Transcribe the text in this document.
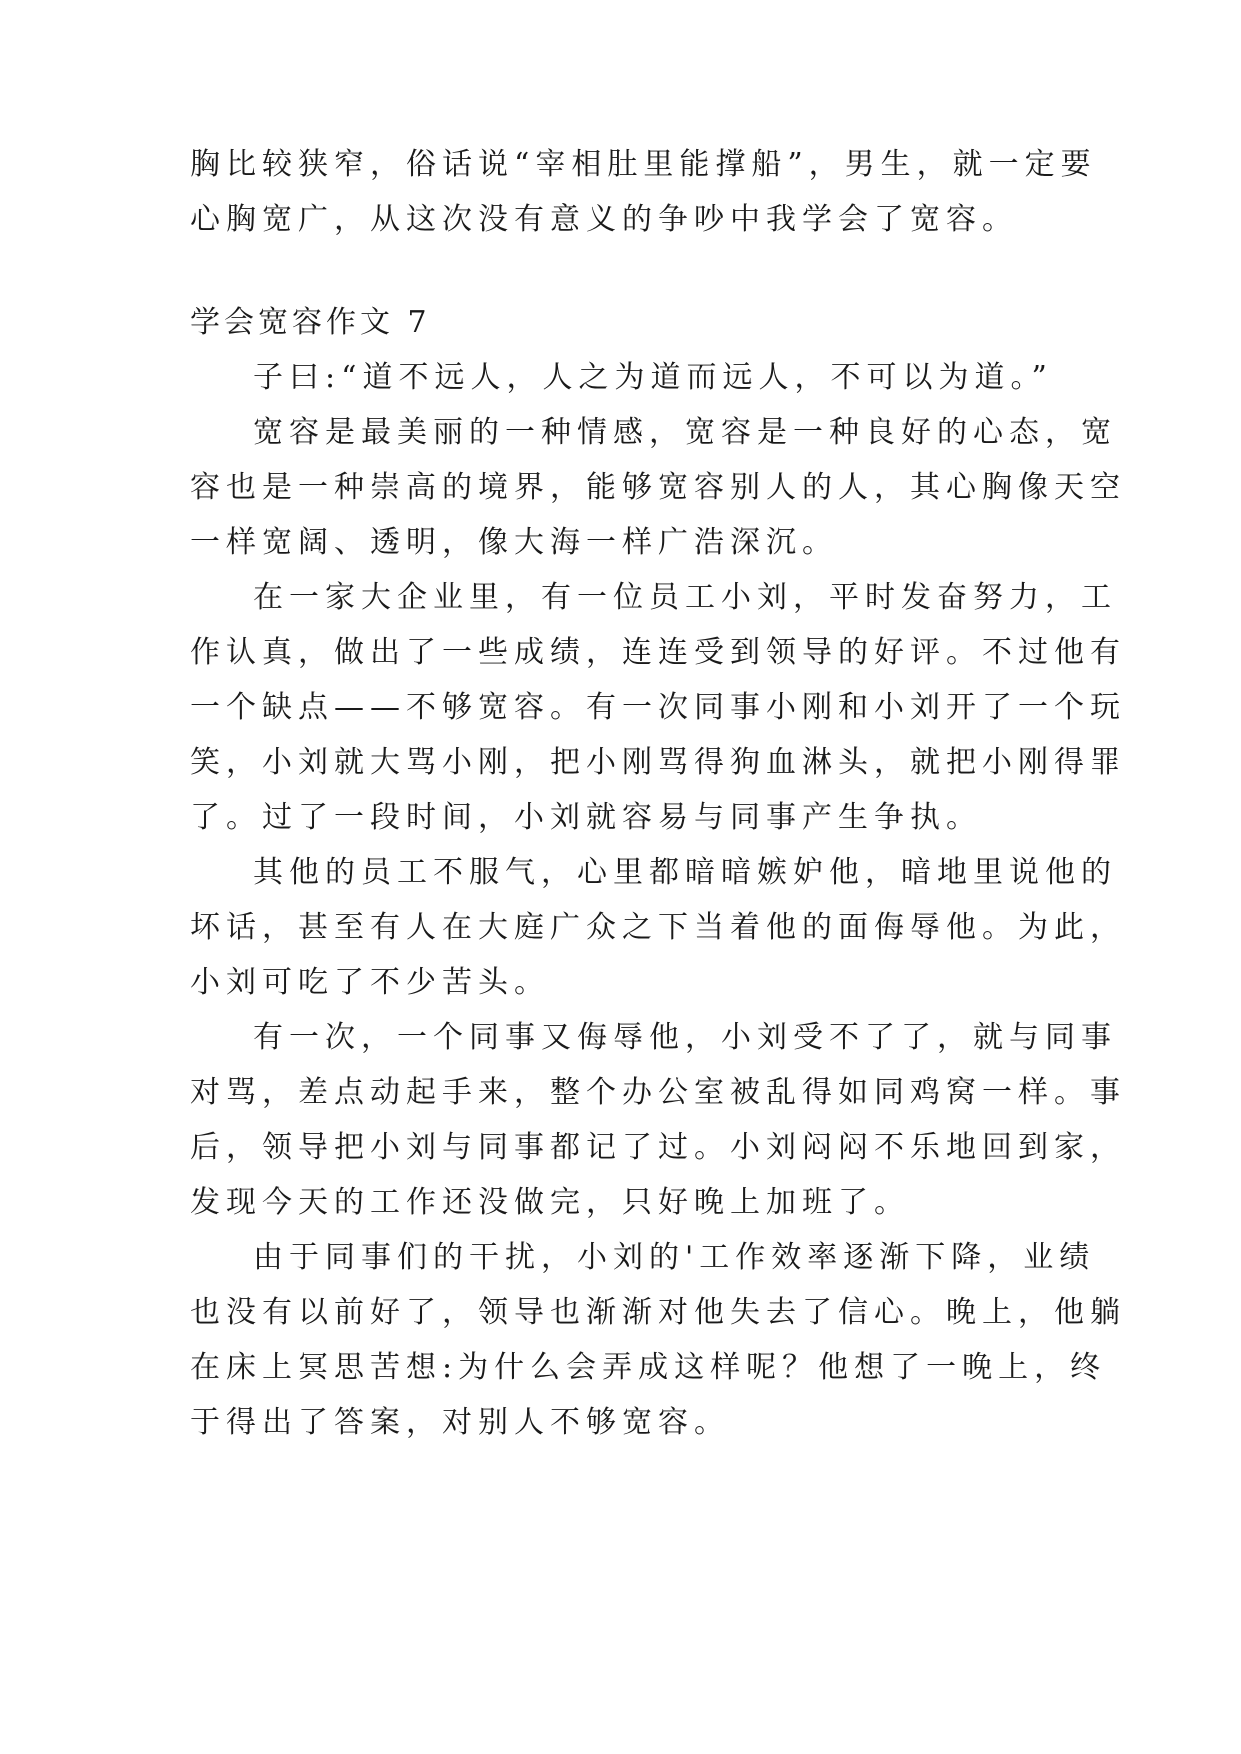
胸比较狭窄，俗话说“宰相肚里能撑船”，男生，就一定要
心胸宽广，从这次没有意义的争吵中我学会了宽容。
学会宽容作文 7
子曰:“道不远人，人之为道而远人，不可以为道。”
宽容是最美丽的一种情感，宽容是一种良好的心态，宽
容也是一种崇高的境界，能够宽容别人的人，其心胸像天空
一样宽阔、透明，像大海一样广浩深沉。
在一家大企业里，有一位员工小刘，平时发奋努力，工
作认真，做出了一些成绩，连连受到领导的好评。不过他有
一个缺点——不够宽容。有一次同事小刚和小刘开了一个玩
笑，小刘就大骂小刚，把小刚骂得狗血淋头，就把小刚得罪
了。过了一段时间，小刘就容易与同事产生争执。
其他的员工不服气，心里都暗暗嫉妒他，暗地里说他的
坏话，甚至有人在大庭广众之下当着他的面侮辱他。为此，
小刘可吃了不少苦头。
有一次，一个同事又侮辱他，小刘受不了了，就与同事
对骂，差点动起手来，整个办公室被乱得如同鸡窝一样。事
后，领导把小刘与同事都记了过。小刘闷闷不乐地回到家，
发现今天的工作还没做完，只好晚上加班了。
由于同事们的干扰，小刘的'工作效率逐渐下降，业绩
也没有以前好了，领导也渐渐对他失去了信心。晚上，他躺
在床上冥思苦想:为什么会弄成这样呢？他想了一晚上，终
于得出了答案，对别人不够宽容。
